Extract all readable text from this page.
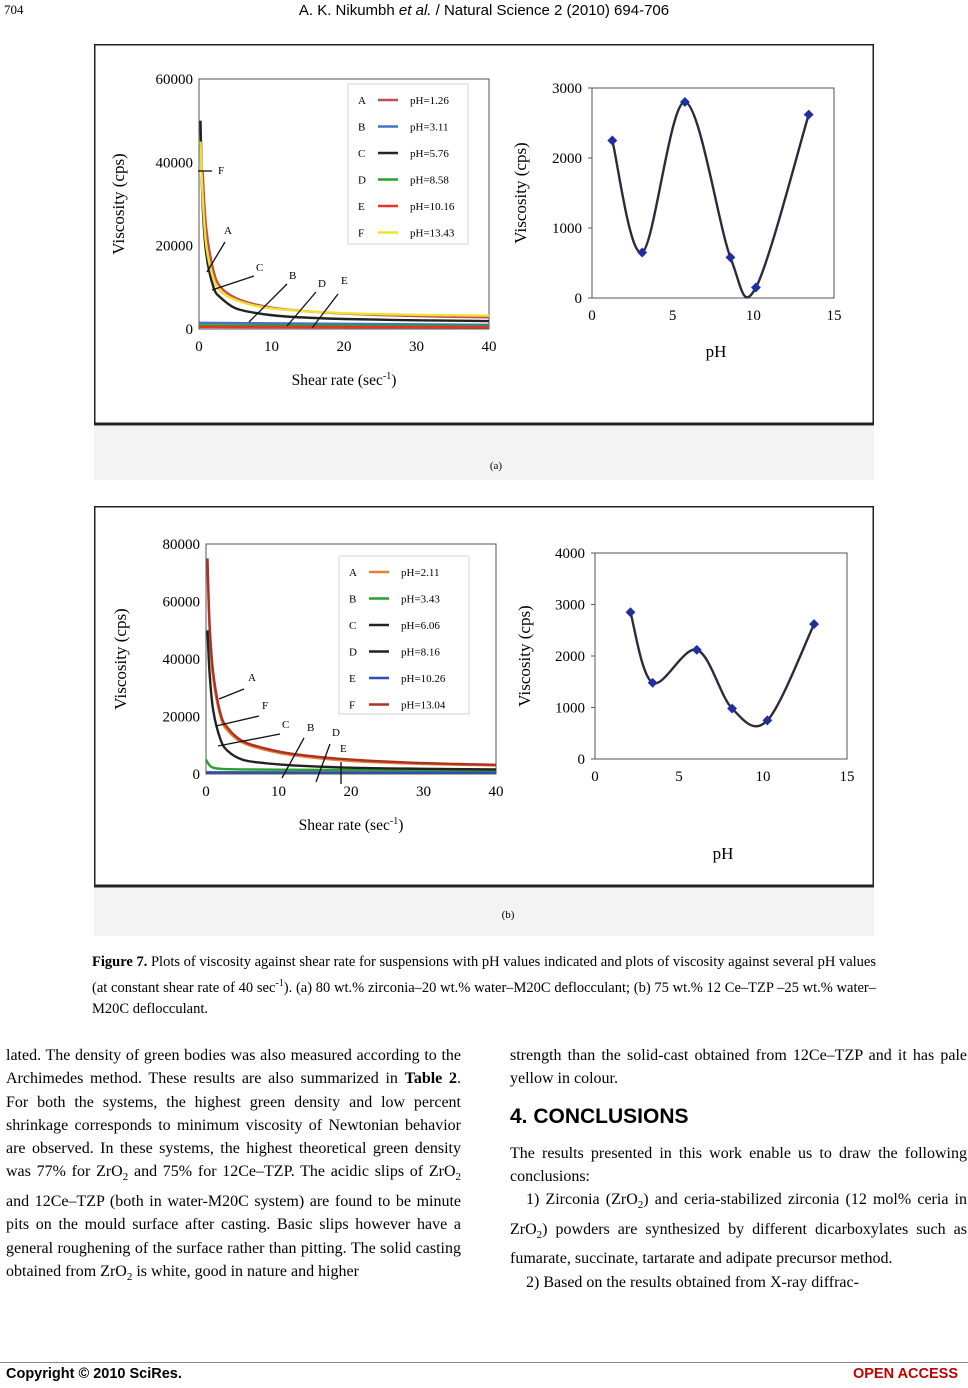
704	A. K. Nikumbh et al. / Natural Science 2 (2010) 694-706
(a)
0	10	20	30	40
0
20000
40000
60000
Viscosity (cps)
Shear rate $(\sec^{-1})$
A	pH=1.26
B	pH=3.11
C	pH=5.76
D	pH=8.58
E	pH=10.16
F	pH=13.43
F
A
C
B
D E
0	5	10	15
0
1000
2000
3000
Viscosity (cps)
pH
(b)
0	10	20	30	40
0
20000
40000
60000
80000
Viscosity (cps)
Shear rate $(\sec^{-1})$
A	pH=2.11
B	pH=3.43
C	pH=6.06
D	pH=8.16
E	pH=10.26
F	pH=13.04
A
F
C B D
E
0	5	10	15
0
1000
2000
3000
4000
Viscosity (cps)
pH
Figure 7. Plots of viscosity against shear rate for suspensions with pH values indicated and plots of viscosity against several pH values (at constant shear rate of 40 $\sec^{-1}$). (a) 80 wt.% zirconia–20 wt.% water–M20C deflocculant; (b) 75 wt.% 12 Ce–TZP –25 wt.% water–M20C deflocculant.

lated. The density of green bodies was also measured according to the Archimedes method. These results are also summarized in Table 2. For both the systems, the highest green density and low percent shrinkage corresponds to minimum viscosity of Newtonian behavior are observed. In these systems, the highest theoretical green density was 77% for ZrO$_2$ and 75% for 12Ce–TZP. The acidic slips of ZrO$_2$ and 12Ce–TZP (both in water-M20C system) are found to be minute pits on the mould surface after casting. Basic slips however have a general roughening of the surface rather than pitting. The solid casting obtained from ZrO$_2$ is white, good in nature and higher

strength than the solid-cast obtained from 12Ce–TZP and it has pale yellow in colour.

4. CONCLUSIONS

The results presented in this work enable us to draw the following conclusions:

1) Zirconia (ZrO$_2$) and ceria-stabilized zirconia (12 mol% ceria in ZrO$_2$) powders are synthesized by different dicarboxylates such as fumarate, succinate, tartarate and adipate precursor method.

2) Based on the results obtained from X-ray diffrac-

Copyright © 2010 SciRes.	OPEN ACCESS
